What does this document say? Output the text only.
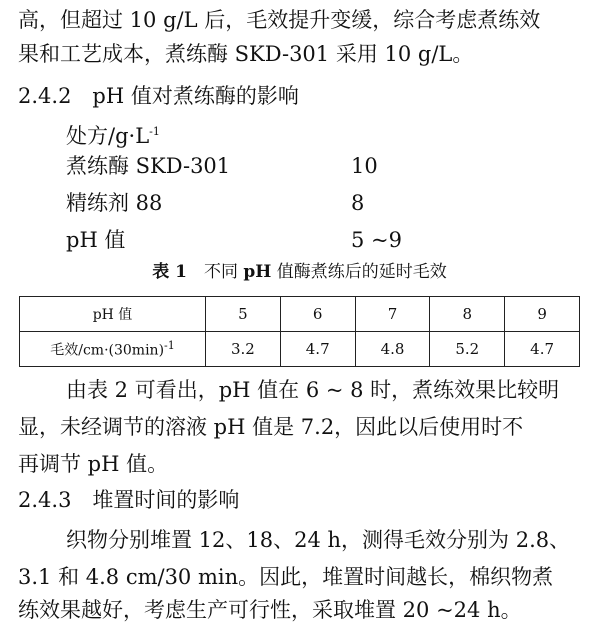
高，但超过 10 g/L 后，毛效提升变缓，综合考虑煮练效
果和工艺成本，煮练酶 SKD-301 采用 10 g/L。
2.4.2　pH 值对煮练酶的影响
处方$/g\cdot L^{-1}$
煮练酶 SKD-301	10
精练剂 88	8
pH 值	5 ~9
表 1　不同 pH 值酶煮练后的延时毛效
pH 值	5	6	7	8	9
毛效$/cm\cdot(30\min)^{-1}$	3.2	4.7	4.8	5.2	4.7
由表 2 可看出，pH 值在 6 ~ 8 时，煮练效果比较明
显，未经调节的溶液 pH 值是 7.2，因此以后使用时不
再调节 pH 值。
2.4.3　堆置时间的影响
织物分别堆置 12、18、24 h，测得毛效分别为 2.8、
3.1 和 4.8 cm/30 min。因此，堆置时间越长，棉织物煮
练效果越好，考虑生产可行性，采取堆置 20 ~24 h。
